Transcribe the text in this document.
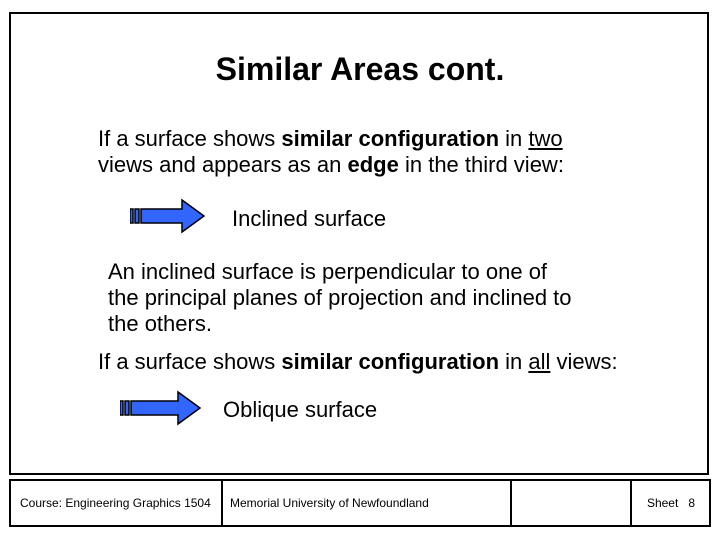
Similar Areas cont.
If a surface shows similar configuration in two
views and appears as an edge in the third view:
Inclined surface
An inclined surface is perpendicular to one of
the principal planes of projection and inclined to
the others.
If a surface shows similar configuration in all views:
Oblique surface
Course: Engineering Graphics 1504 Memorial University of Newfoundland	Sheet 8
